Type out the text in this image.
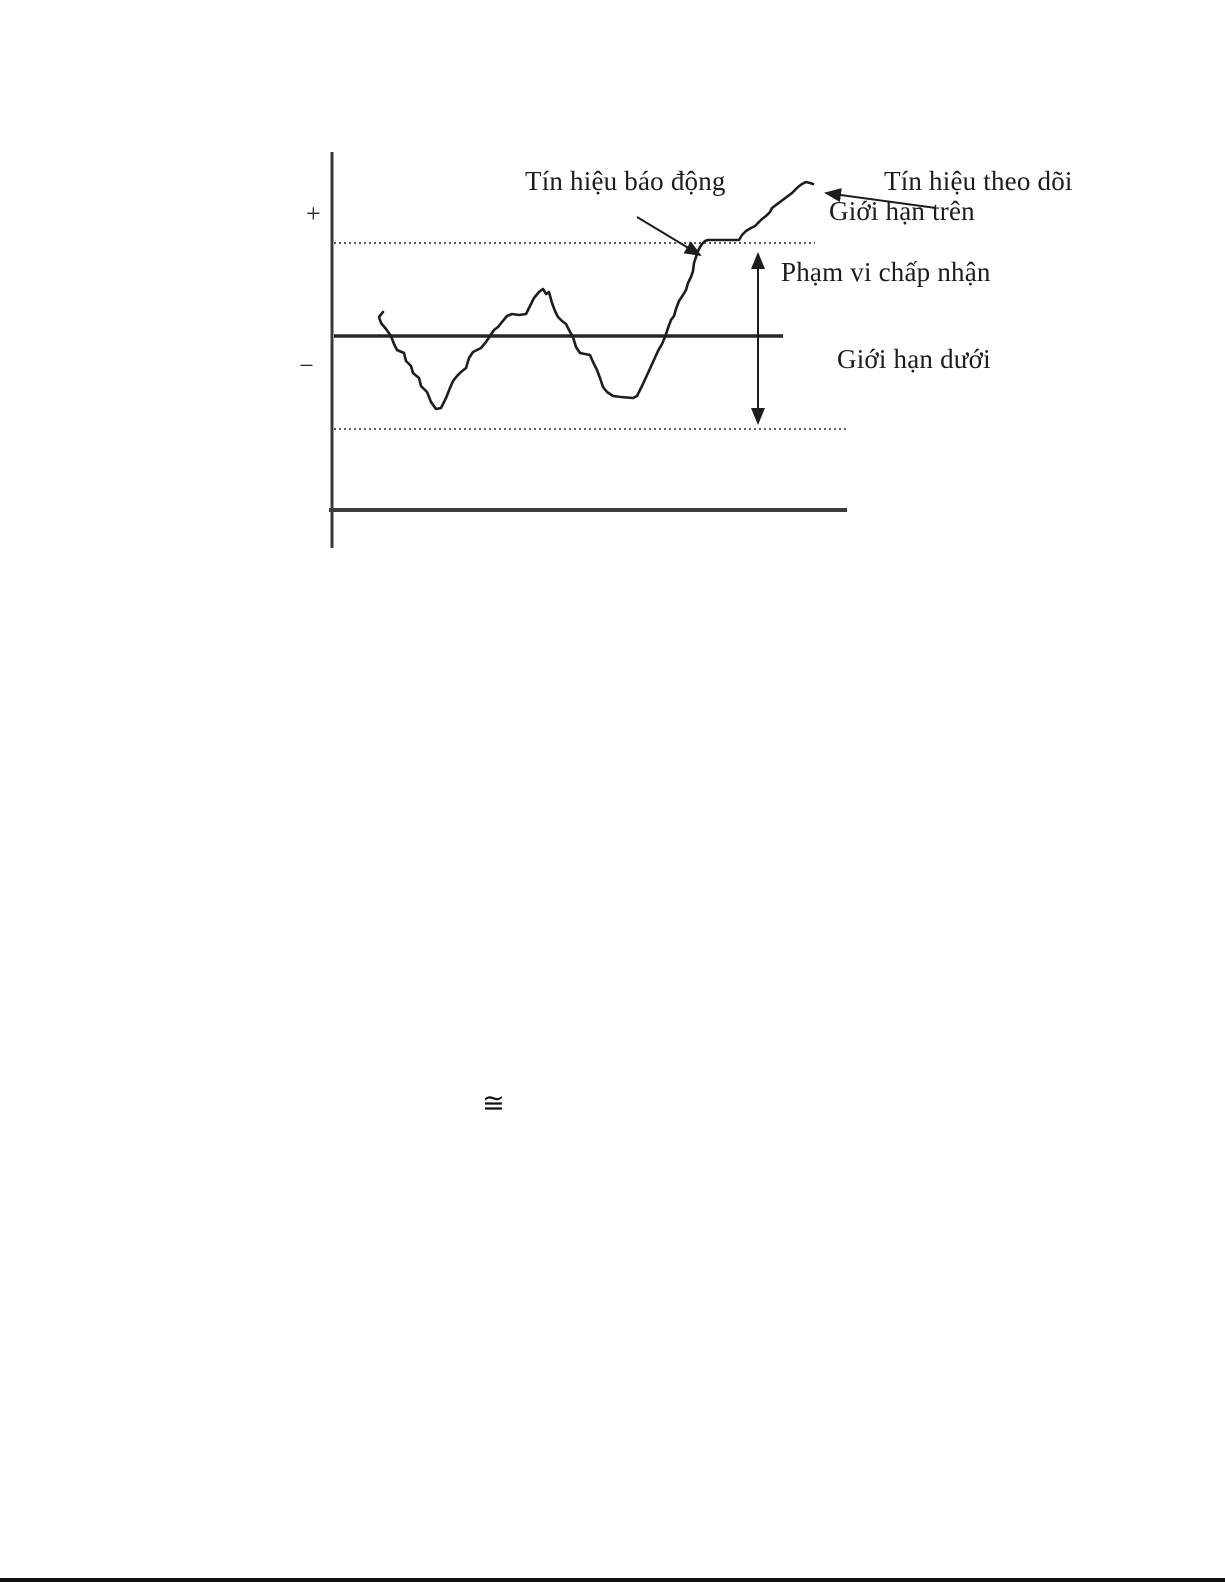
+
−
Tín hiệu báo động	Tín hiệu theo dõi
Giới hạn trên
Phạm vi chấp nhận
Giới hạn dưới
≅
